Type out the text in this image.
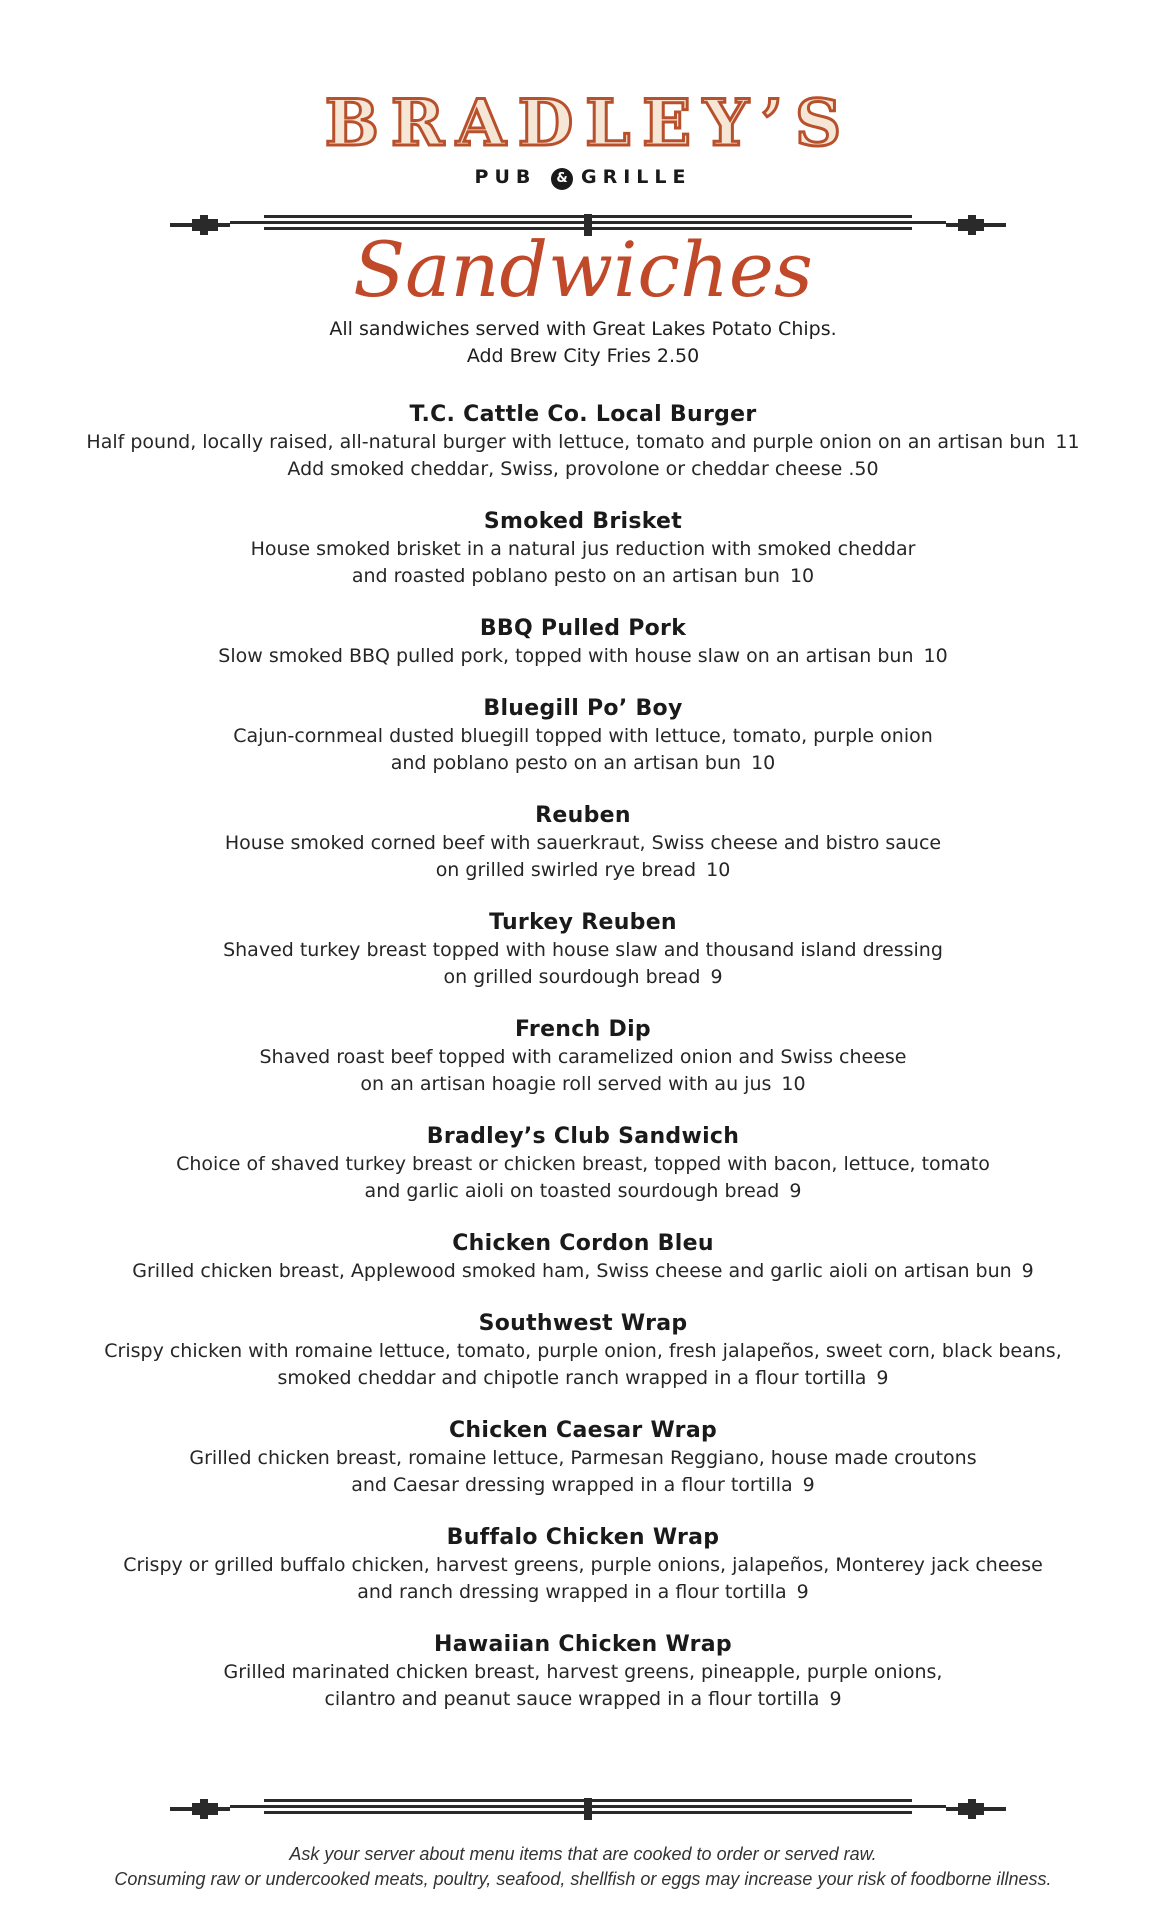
BRADLEY’S
PUB & GRILLE
Sandwiches
All sandwiches served with Great Lakes Potato Chips.
Add Brew City Fries 2.50
T.C. Cattle Co. Local Burger
Half pound, locally raised, all-natural burger with lettuce, tomato and purple onion on an artisan bun 11
Add smoked cheddar, Swiss, provolone or cheddar cheese .50
Smoked Brisket
House smoked brisket in a natural jus reduction with smoked cheddar
and roasted poblano pesto on an artisan bun 10
BBQ Pulled Pork
Slow smoked BBQ pulled pork, topped with house slaw on an artisan bun 10
Bluegill Po’ Boy
Cajun-cornmeal dusted bluegill topped with lettuce, tomato, purple onion
and poblano pesto on an artisan bun 10
Reuben
House smoked corned beef with sauerkraut, Swiss cheese and bistro sauce
on grilled swirled rye bread 10
Turkey Reuben
Shaved turkey breast topped with house slaw and thousand island dressing
on grilled sourdough bread 9
French Dip
Shaved roast beef topped with caramelized onion and Swiss cheese
on an artisan hoagie roll served with au jus 10
Bradley’s Club Sandwich
Choice of shaved turkey breast or chicken breast, topped with bacon, lettuce, tomato
and garlic aioli on toasted sourdough bread 9
Chicken Cordon Bleu
Grilled chicken breast, Applewood smoked ham, Swiss cheese and garlic aioli on artisan bun 9
Southwest Wrap
Crispy chicken with romaine lettuce, tomato, purple onion, fresh jalapeños, sweet corn, black beans,
smoked cheddar and chipotle ranch wrapped in a flour tortilla 9
Chicken Caesar Wrap
Grilled chicken breast, romaine lettuce, Parmesan Reggiano, house made croutons
and Caesar dressing wrapped in a flour tortilla 9
Buffalo Chicken Wrap
Crispy or grilled buffalo chicken, harvest greens, purple onions, jalapeños, Monterey jack cheese
and ranch dressing wrapped in a flour tortilla 9
Hawaiian Chicken Wrap
Grilled marinated chicken breast, harvest greens, pineapple, purple onions,
cilantro and peanut sauce wrapped in a flour tortilla 9
Ask your server about menu items that are cooked to order or served raw.
Consuming raw or undercooked meats, poultry, seafood, shellfish or eggs may increase your risk of foodborne illness.
